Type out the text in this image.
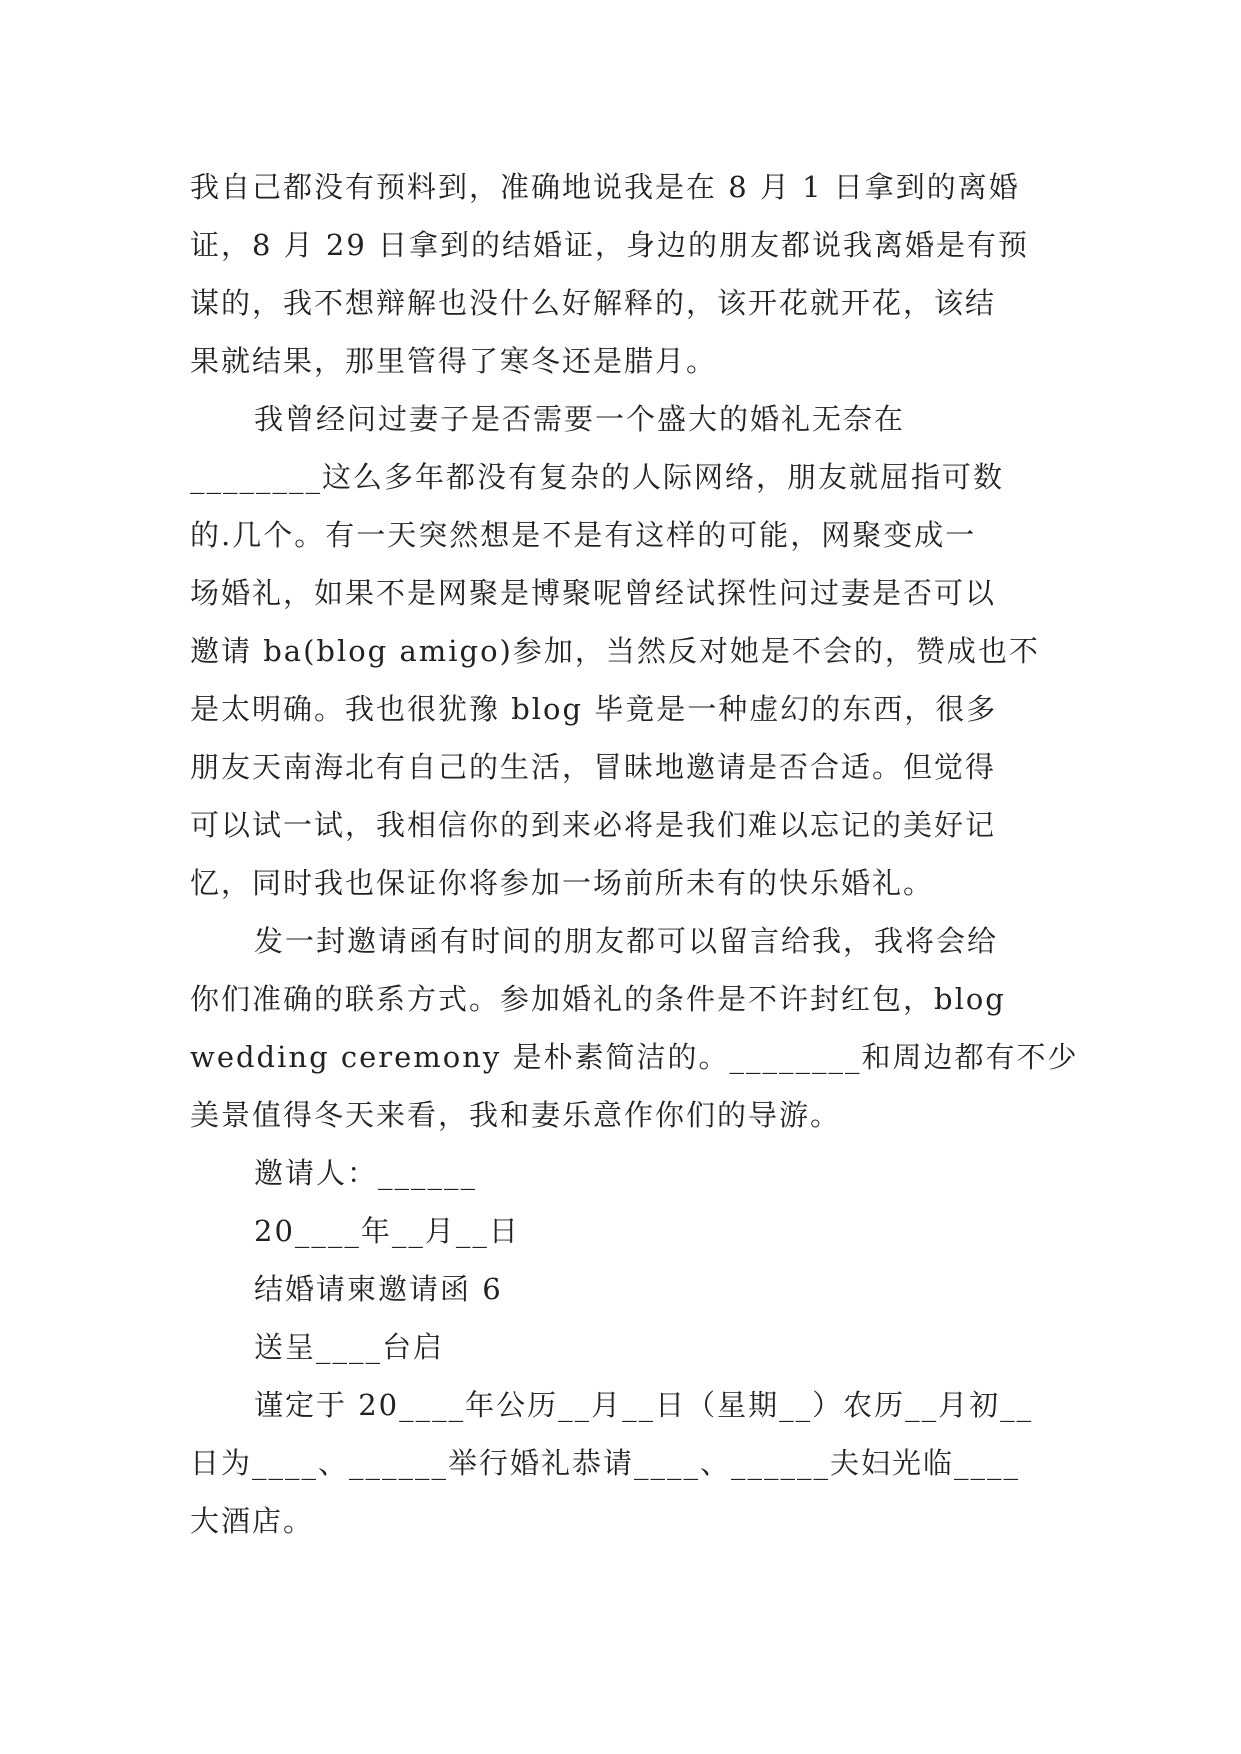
我自己都没有预料到，准确地说我是在 8 月 1 日拿到的离婚
证，8 月 29 日拿到的结婚证，身边的朋友都说我离婚是有预
谋的，我不想辩解也没什么好解释的，该开花就开花，该结
果就结果，那里管得了寒冬还是腊月。

我曾经问过妻子是否需要一个盛大的婚礼无奈在
________这么多年都没有复杂的人际网络，朋友就屈指可数
的.几个。有一天突然想是不是有这样的可能，网聚变成一
场婚礼，如果不是网聚是博聚呢曾经试探性问过妻是否可以
邀请 ba(blog amigo)参加，当然反对她是不会的，赞成也不
是太明确。我也很犹豫 blog 毕竟是一种虚幻的东西，很多
朋友天南海北有自己的生活，冒昧地邀请是否合适。但觉得
可以试一试，我相信你的到来必将是我们难以忘记的美好记
忆，同时我也保证你将参加一场前所未有的快乐婚礼。

发一封邀请函有时间的朋友都可以留言给我，我将会给
你们准确的联系方式。参加婚礼的条件是不许封红包，blog
wedding ceremony 是朴素简洁的。________和周边都有不少
美景值得冬天来看，我和妻乐意作你们的导游。

邀请人：______

20____年__月__日

结婚请柬邀请函 6

送呈____台启

谨定于 20____年公历__月__日（星期__）农历__月初__
日为____、______举行婚礼恭请____、______夫妇光临____
大酒店。
